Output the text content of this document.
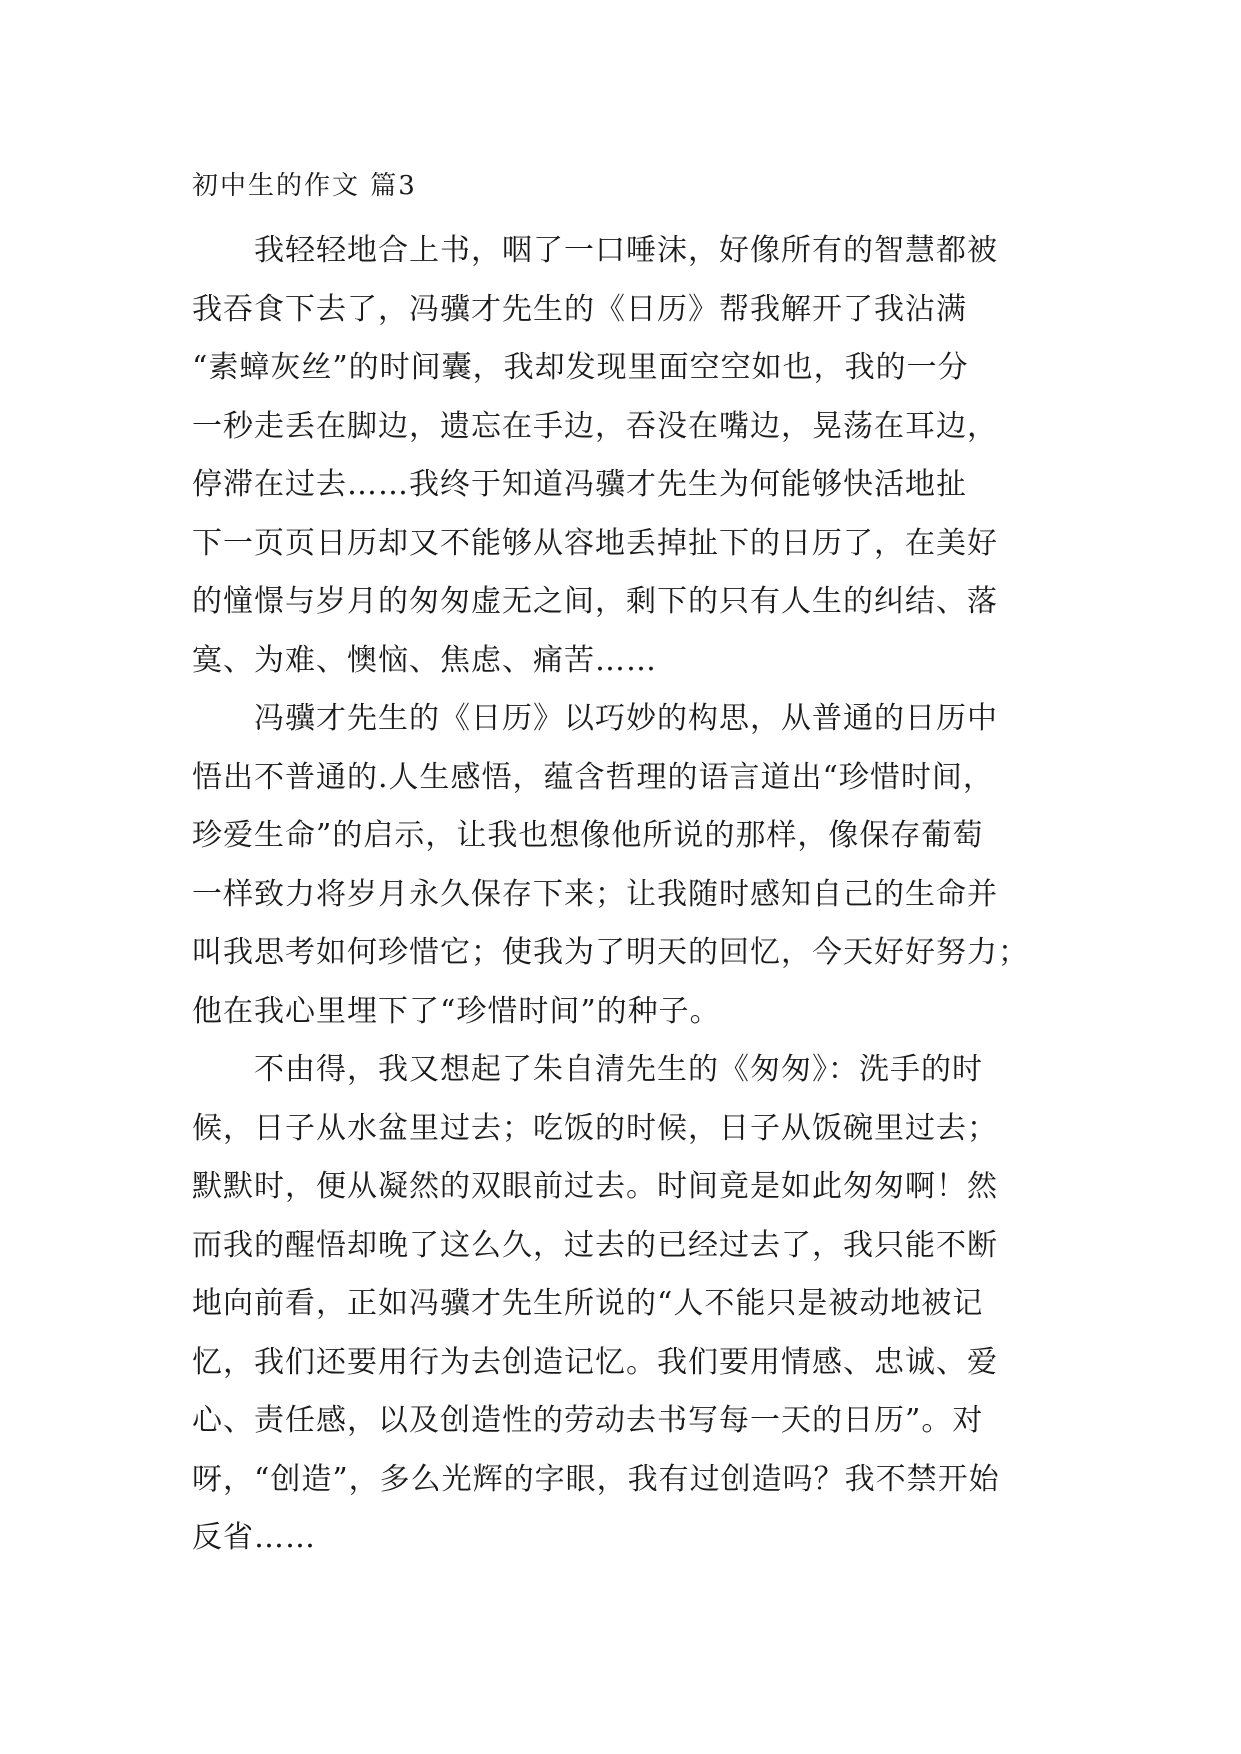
初中生的作文 篇3

　　我轻轻地合上书，咽了一口唾沫，好像所有的智慧都被
我吞食下去了，冯骥才先生的《日历》帮我解开了我沾满
“素蟑灰丝”的时间囊，我却发现里面空空如也，我的一分
一秒走丢在脚边，遗忘在手边，吞没在嘴边，晃荡在耳边，
停滞在过去……我终于知道冯骥才先生为何能够快活地扯
下一页页日历却又不能够从容地丢掉扯下的日历了，在美好
的憧憬与岁月的匆匆虚无之间，剩下的只有人生的纠结、落
寞、为难、懊恼、焦虑、痛苦……

　　冯骥才先生的《日历》以巧妙的构思，从普通的日历中
悟出不普通的.人生感悟，蕴含哲理的语言道出“珍惜时间，
珍爱生命”的启示，让我也想像他所说的那样，像保存葡萄
一样致力将岁月永久保存下来；让我随时感知自己的生命并
叫我思考如何珍惜它；使我为了明天的回忆，今天好好努力；
他在我心里埋下了“珍惜时间”的种子。

　　不由得，我又想起了朱自清先生的《匆匆》：洗手的时
候，日子从水盆里过去；吃饭的时候，日子从饭碗里过去；
默默时，便从凝然的双眼前过去。时间竟是如此匆匆啊！然
而我的醒悟却晚了这么久，过去的已经过去了，我只能不断
地向前看，正如冯骥才先生所说的“人不能只是被动地被记
忆，我们还要用行为去创造记忆。我们要用情感、忠诚、爱
心、责任感，以及创造性的劳动去书写每一天的日历”。对
呀，“创造”，多么光辉的字眼，我有过创造吗？我不禁开始
反省……
